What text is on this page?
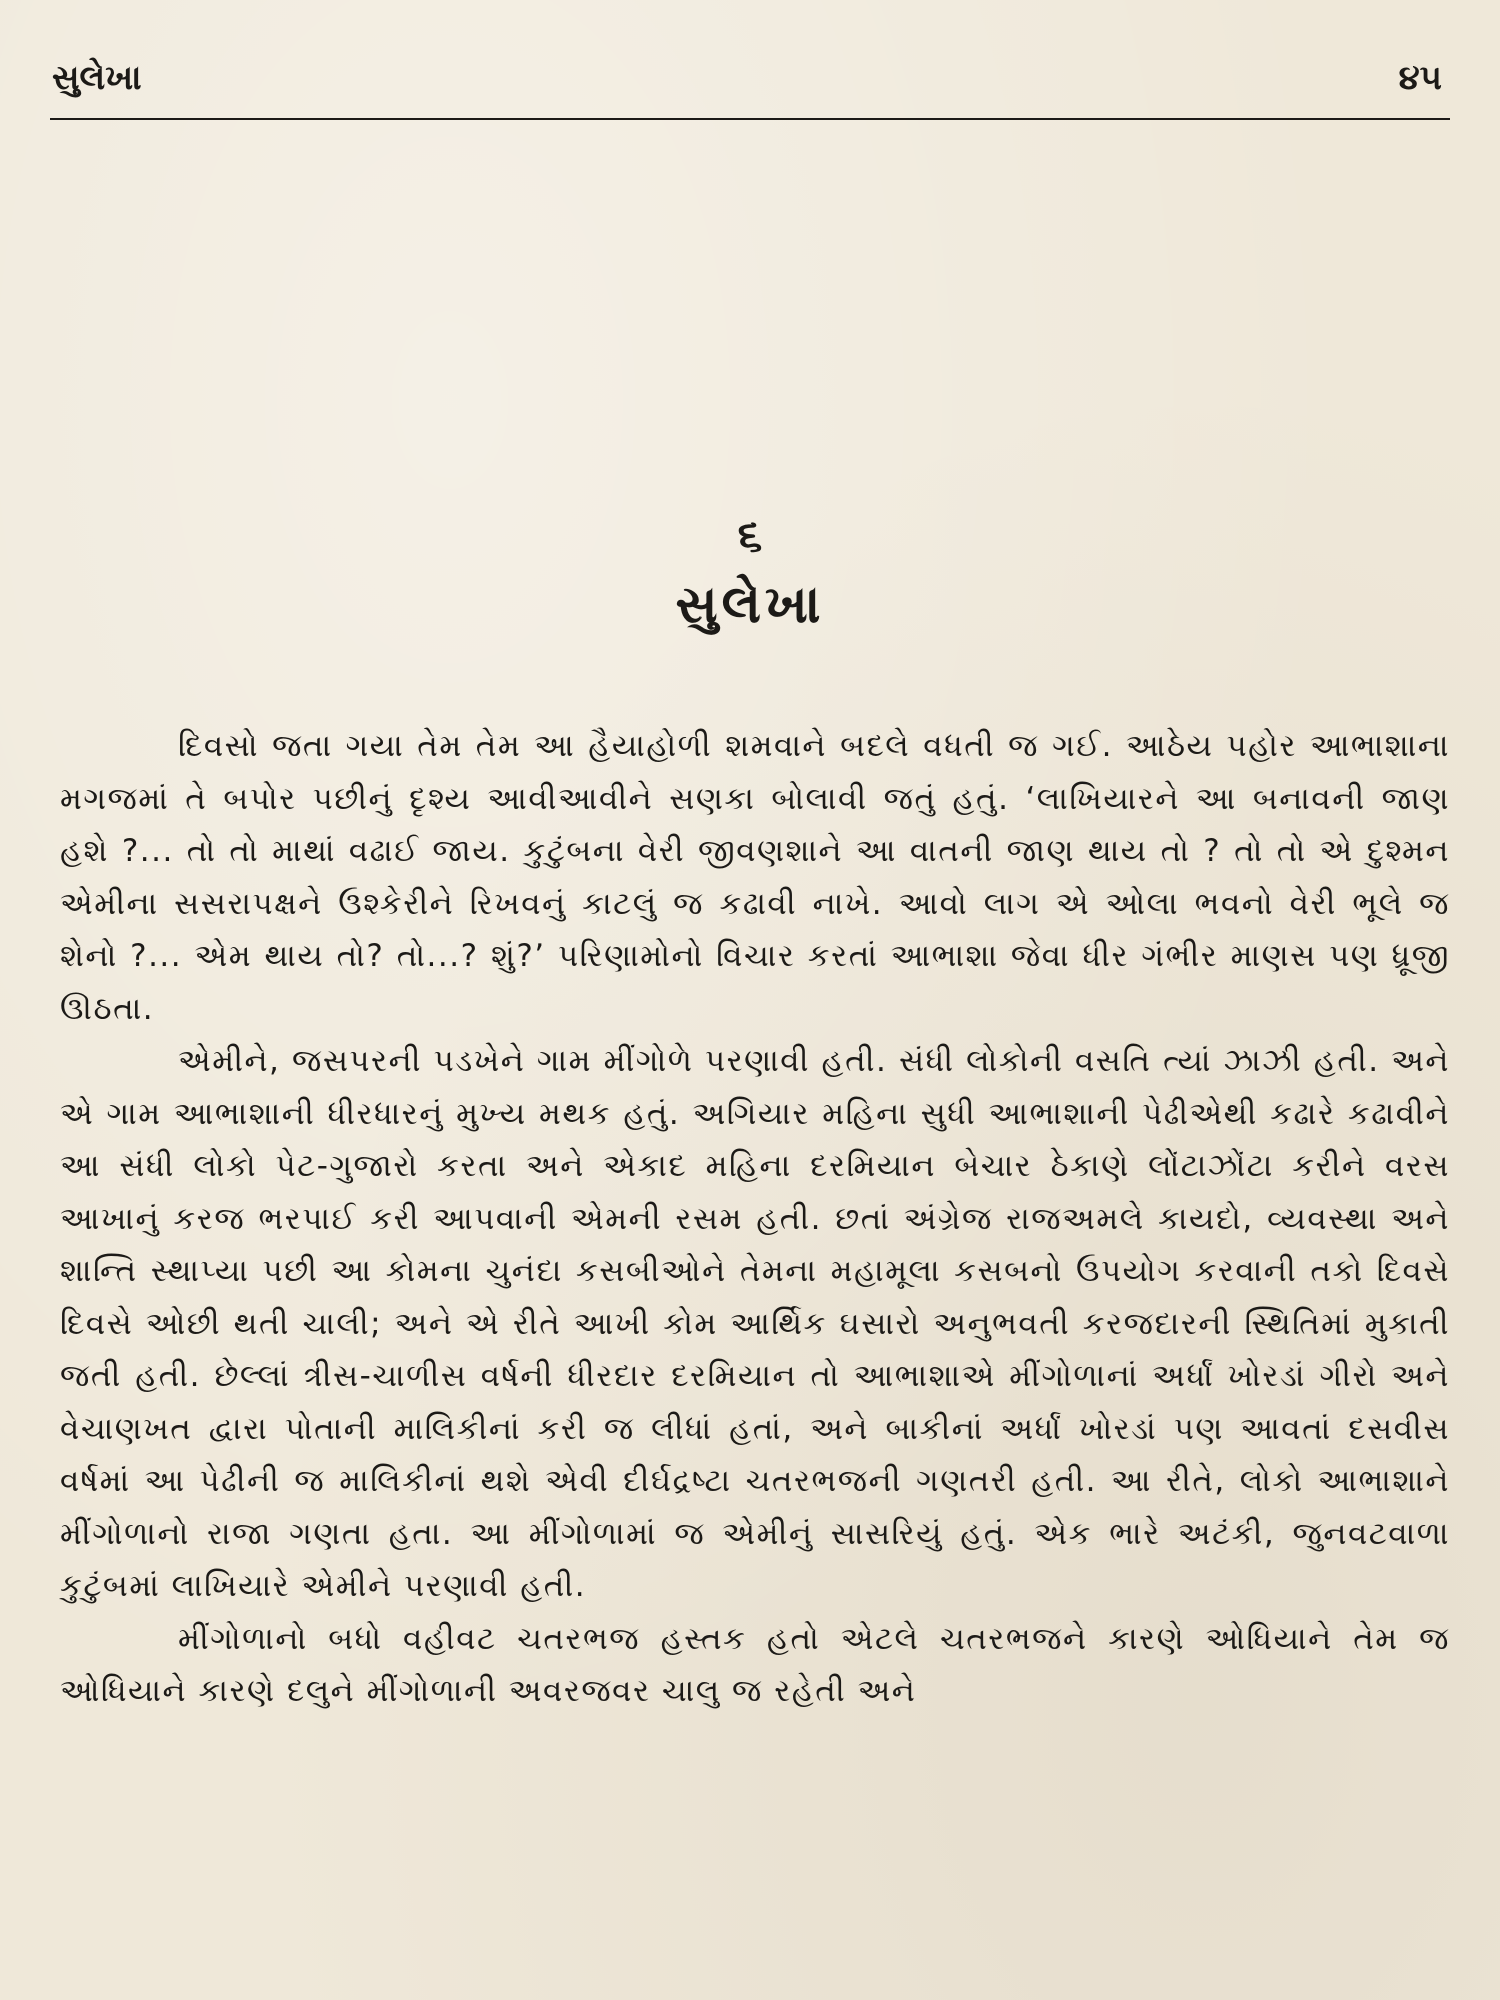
સુલેખા	૪૫
૬
સુલેખા

દિવસો જતા ગયા તેમ તેમ આ હૈયાહોળી શમવાને બદલે વધતી જ ગઈ. આઠેય પહોર આભાશાના મગજમાં તે બપોર પછીનું દૃશ્ય આવીઆવીને સણકા બોલાવી જતું હતું. ‘લાખિયારને આ બનાવની જાણ હશે ?... તો તો માથાં વઢાઈ જાય. કુટુંબના વેરી જીવણશાને આ વાતની જાણ થાય તો ? તો તો એ દુશ્મન એમીના સસરાપક્ષને ઉશ્કેરીને રિખવનું કાટલું જ કઢાવી નાખે. આવો લાગ એ ઓલા ભવનો વેરી ભૂલે જ શેનો ?... એમ થાય તો? તો...? શું?’ પરિણામોનો વિચાર કરતાં આભાશા જેવા ધીર ગંભીર માણસ પણ ધ્રૂજી ઊઠતા.

એમીને, જસપરની પડખેને ગામ મીંગોળે પરણાવી હતી. સંધી લોકોની વસતિ ત્યાં ઝાઝી હતી. અને એ ગામ આભાશાની ધીરધારનું મુખ્ય મથક હતું. અગિયાર મહિના સુધી આભાશાની પેઢીએથી કઢારે કઢાવીને આ સંધી લોકો પેટ-ગુજારો કરતા અને એકાદ મહિના દરમિયાન બેચાર ઠેકાણે લોંટાઝોંટા કરીને વરસ આખાનું કરજ ભરપાઈ કરી આપવાની એમની રસમ હતી. છતાં અંગ્રેજ રાજઅમલે કાયદો, વ્યવસ્થા અને શાન્તિ સ્થાપ્યા પછી આ કોમના ચુનંદા કસબીઓને તેમના મહામૂલા કસબનો ઉપયોગ કરવાની તકો દિવસે દિવસે ઓછી થતી ચાલી; અને એ રીતે આખી કોમ આર્થિક ઘસારો અનુભવતી કરજદારની સ્થિતિમાં મુકાતી જતી હતી. છેલ્લાં ત્રીસ-ચાળીસ વર્ષની ધીરદાર દરમિયાન તો આભાશાએ મીંગોળાનાં અર્ધાં ખોરડાં ગીરો અને વેચાણખત દ્વારા પોતાની માલિકીનાં કરી જ લીધાં હતાં, અને બાકીનાં અર્ધાં ખોરડાં પણ આવતાં દસવીસ વર્ષમાં આ પેઢીની જ માલિકીનાં થશે એવી દીર્ઘદ્રષ્ટા ચતરભજની ગણતરી હતી. આ રીતે, લોકો આભાશાને મીંગોળાનો રાજા ગણતા હતા. આ મીંગોળામાં જ એમીનું સાસરિયું હતું. એક ભારે અટંકી, જુનવટવાળા કુટુંબમાં લાખિયારે એમીને પરણાવી હતી.

મીંગોળાનો બધો વહીવટ ચતરભજ હસ્તક હતો એટલે ચતરભજને કારણે ઓધિયાને તેમ જ ઓધિયાને કારણે દલુને મીંગોળાની અવરજવર ચાલુ જ રહેતી અને
